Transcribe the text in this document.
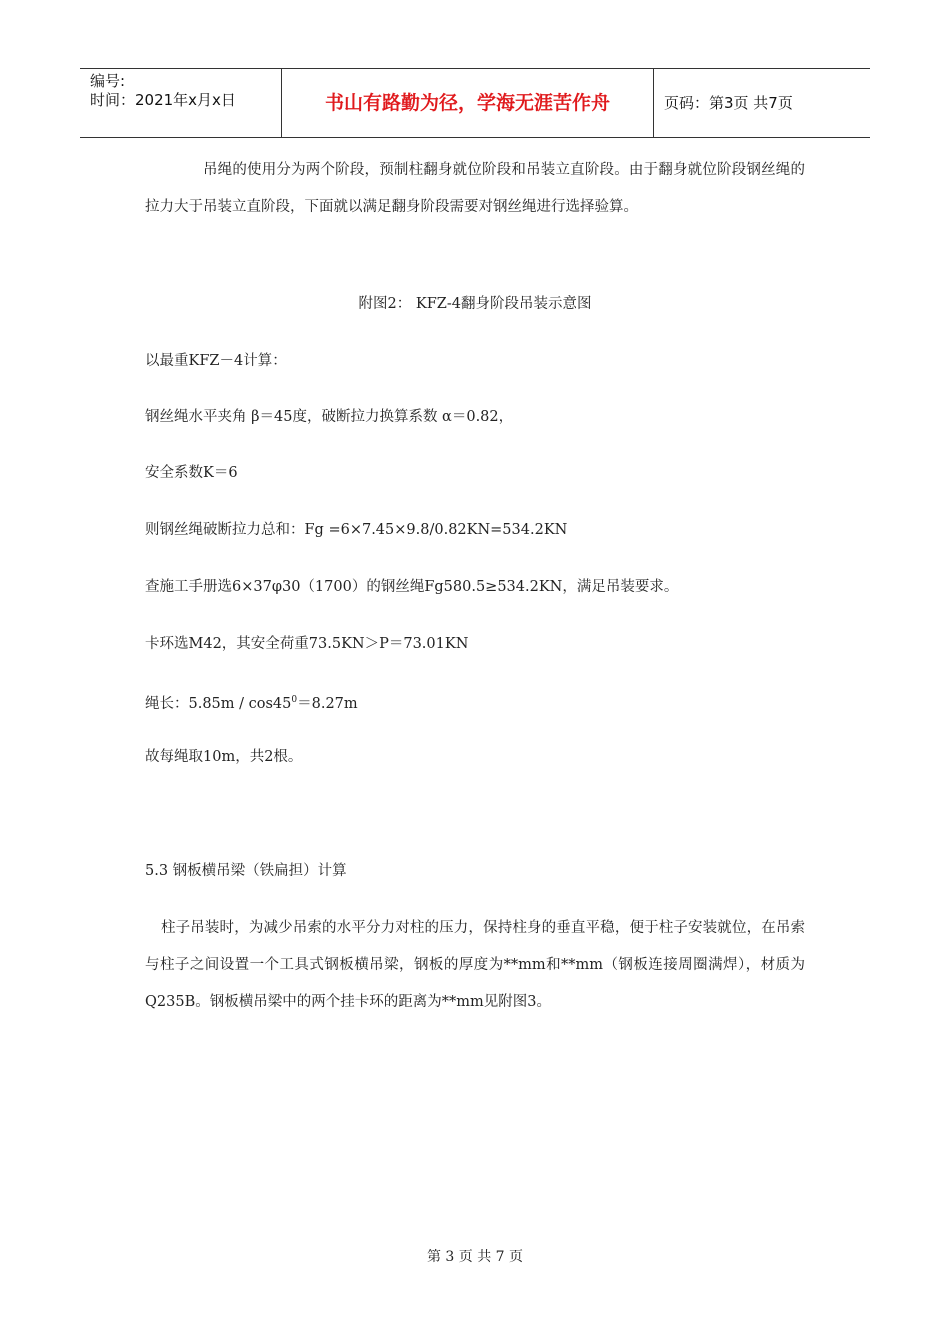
编号:
时间：2021年x月x日	书山有路勤为径，学海无涯苦作舟	页码：第3页 共7页

吊绳的使用分为两个阶段，预制柱翻身就位阶段和吊装立直阶段。由于翻身就位阶段钢丝绳的拉力大于吊装立直阶段，下面就以满足翻身阶段需要对钢丝绳进行选择验算。

附图2： KFZ-4翻身阶段吊装示意图

以最重KFZ－4计算：

钢丝绳水平夹角 β＝45度，破断拉力换算系数 α＝0.82，

安全系数K＝6

则钢丝绳破断拉力总和：Fg =6×7.45×9.8/0.82KN=534.2KN

查施工手册选6×37φ30（1700）的钢丝绳Fg580.5≥534.2KN，满足吊装要求。

卡环选M42，其安全荷重73.5KN＞P＝73.01KN

绳长：$5.85m / \cos 45^0=8.27m$

故每绳取10m，共2根。

5.3 钢板横吊梁（铁扁担）计算

柱子吊装时，为减少吊索的水平分力对柱的压力，保持柱身的垂直平稳，便于柱子安装就位，在吊索与柱子之间设置一个工具式钢板横吊梁，钢板的厚度为**mm和**mm（钢板连接周圈满焊），材质为Q235B。钢板横吊梁中的两个挂卡环的距离为**mm见附图3。

第 3 页 共 7 页
